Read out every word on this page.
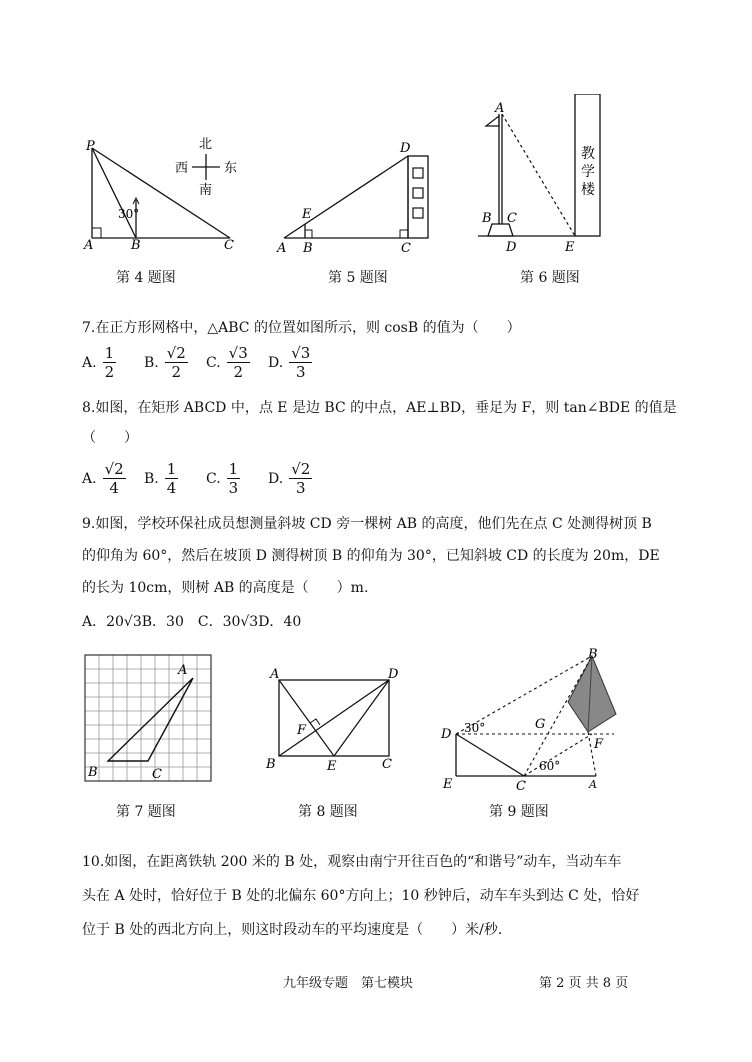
P
A	B	C
30°
北
南
西	东
A B	C
D
E
教
学
楼
A
B C
D	E
第 4 题图	第 5 题图	第 6 题图
7.在正方形网格中，△ABC 的位置如图所示，则 cosB 的值为（　　）
A. $\frac{1}{2} B$. $\frac{√2}{2} C$. $\frac{√3}{2} D$. $\frac{√3}{3}$
8.如图，在矩形 ABCD 中，点 E 是边 BC 的中点，AE⊥BD，垂足为 F，则 tan∠BDE 的值是
（　　）
A. $\frac{√2}{4} B$. $\frac{1}{4} C$. $\frac{1}{3} D$. $\frac{√2}{3}$
9.如图，学校环保社成员想测量斜坡 CD 旁一棵树 AB 的高度，他们先在点 C 处测得树顶 B
的仰角为 60°，然后在坡顶 D 测得树顶 B 的仰角为 30°，已知斜坡 CD 的长度为 20m，DE
的长为 10cm，则树 AB 的高度是（　　）m.
A．20√3B．30　C．30√3D．40
A
B	C
A
B	C
D
E
F
B
D
G
F
E	C	A
30°
60°
第 7 题图	第 8 题图	第 9 题图
10.如图，在距离铁轨 200 米的 B 处，观察由南宁开往百色的“和谐号”动车，当动车车
头在 A 处时，恰好位于 B 处的北偏东 60°方向上；10 秒钟后，动车车头到达 C 处，恰好
位于 B 处的西北方向上，则这时段动车的平均速度是（　　）米/秒.
九年级专题　第七模块	第 2 页 共 8 页
